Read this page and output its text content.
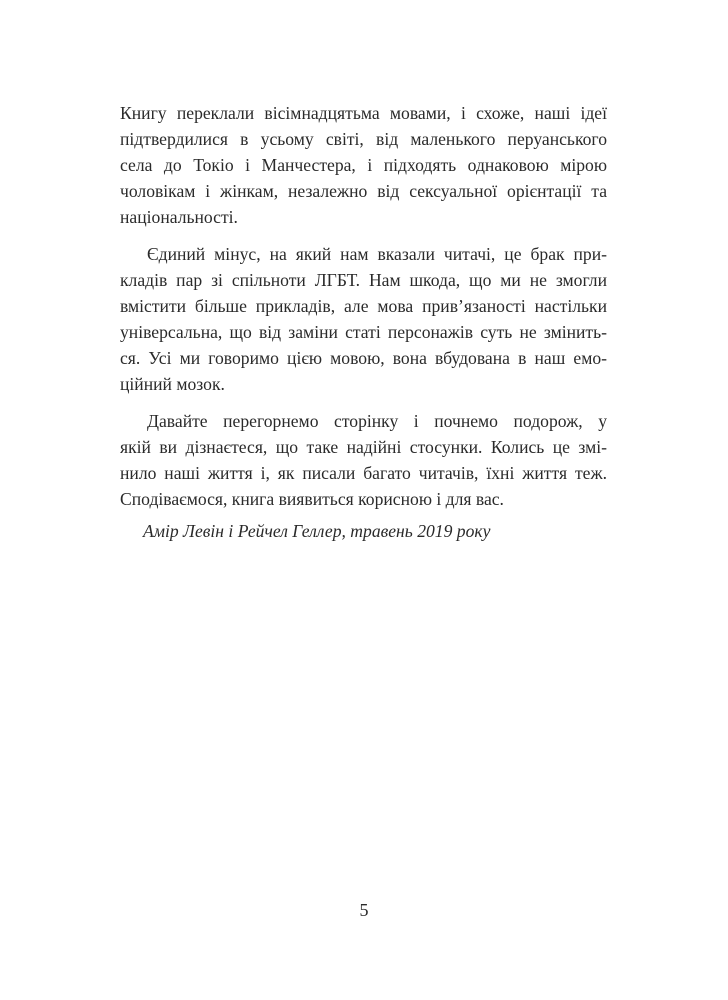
Книгу переклали вісімнадцятьма мовами, і схоже, наші ідеї
підтвердилися в усьому світі, від маленького перуанського
села до Токіо і Манчестера, і підходять однаковою мірою
чоловікам і жінкам, незалежно від сексуальної орієнтації та
національності.
Єдиний мінус, на який нам вказали читачі, це брак при-
кладів пар зі спільноти ЛГБТ. Нам шкода, що ми не змогли
вмістити більше прикладів, але мова прив’язаності настільки
універсальна, що від заміни статі персонажів суть не змінить-
ся. Усі ми говоримо цією мовою, вона вбудована в наш емо-
ційний мозок.
Давайте перегорнемо сторінку і почнемо подорож, у
якій ви дізнаєтеся, що таке надійні стосунки. Колись це змі-
нило наші життя і, як писали багато читачів, їхні життя теж.
Сподіваємося, книга виявиться корисною і для вас.
Амір Левін і Рейчел Геллер, травень 2019 року
5
